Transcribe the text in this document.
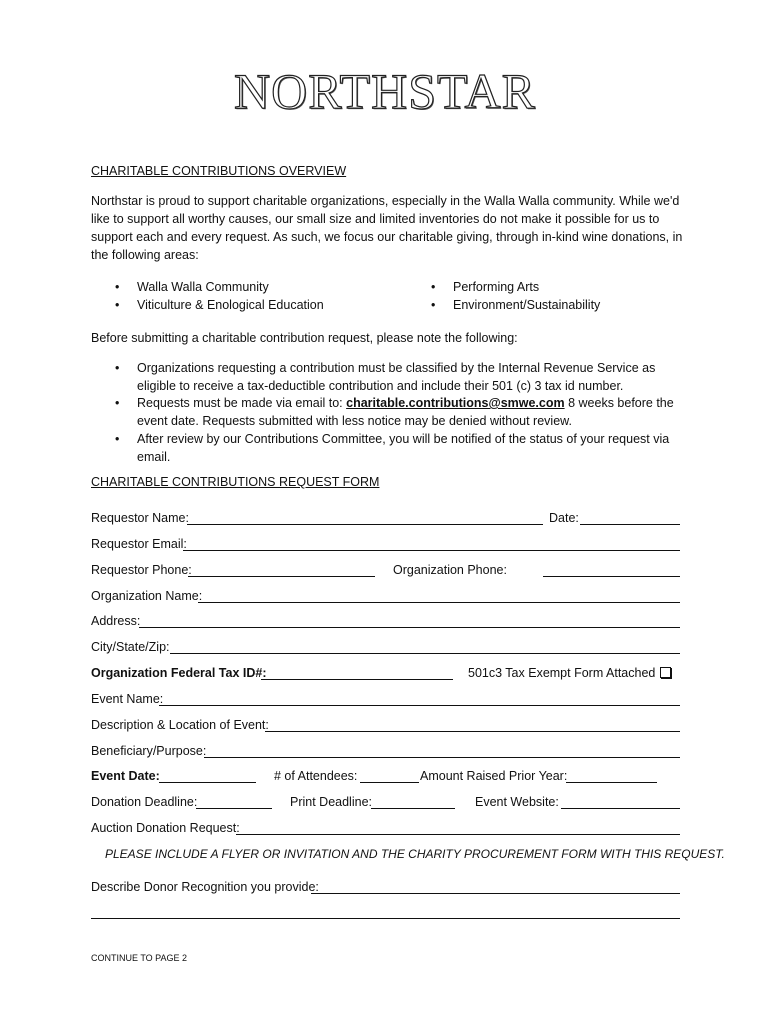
NORTHSTAR
CHARITABLE CONTRIBUTIONS OVERVIEW
Northstar is proud to support charitable organizations, especially in the Walla Walla community. While we'd like to support all worthy causes, our small size and limited inventories do not make it possible for us to support each and every request. As such, we focus our charitable giving, through in-kind wine donations, in the following areas:
• Walla Walla Community	• Performing Arts
• Viticulture & Enological Education	• Environment/Sustainability
Before submitting a charitable contribution request, please note the following:
• Organizations requesting a contribution must be classified by the Internal Revenue Service as eligible to receive a tax-deductible contribution and include their 501 (c) 3 tax id number.
• Requests must be made via email to: charitable.contributions@smwe.com 8 weeks before the event date. Requests submitted with less notice may be denied without review.
• After review by our Contributions Committee, you will be notified of the status of your request via email.
CHARITABLE CONTRIBUTIONS REQUEST FORM
Requestor Name:	Date:
Requestor Email:
Requestor Phone:	Organization Phone:
Organization Name:
Address:
City/State/Zip:
Organization Federal Tax ID#:	501c3 Tax Exempt Form Attached
Event Name:
Description & Location of Event:
Beneficiary/Purpose:
Event Date:	# of Attendees:	Amount Raised Prior Year:
Donation Deadline:	Print Deadline:	Event Website:
Auction Donation Request:
PLEASE INCLUDE A FLYER OR INVITATION AND THE CHARITY PROCUREMENT FORM WITH THIS REQUEST.
Describe Donor Recognition you provide:
CONTINUE TO PAGE 2
